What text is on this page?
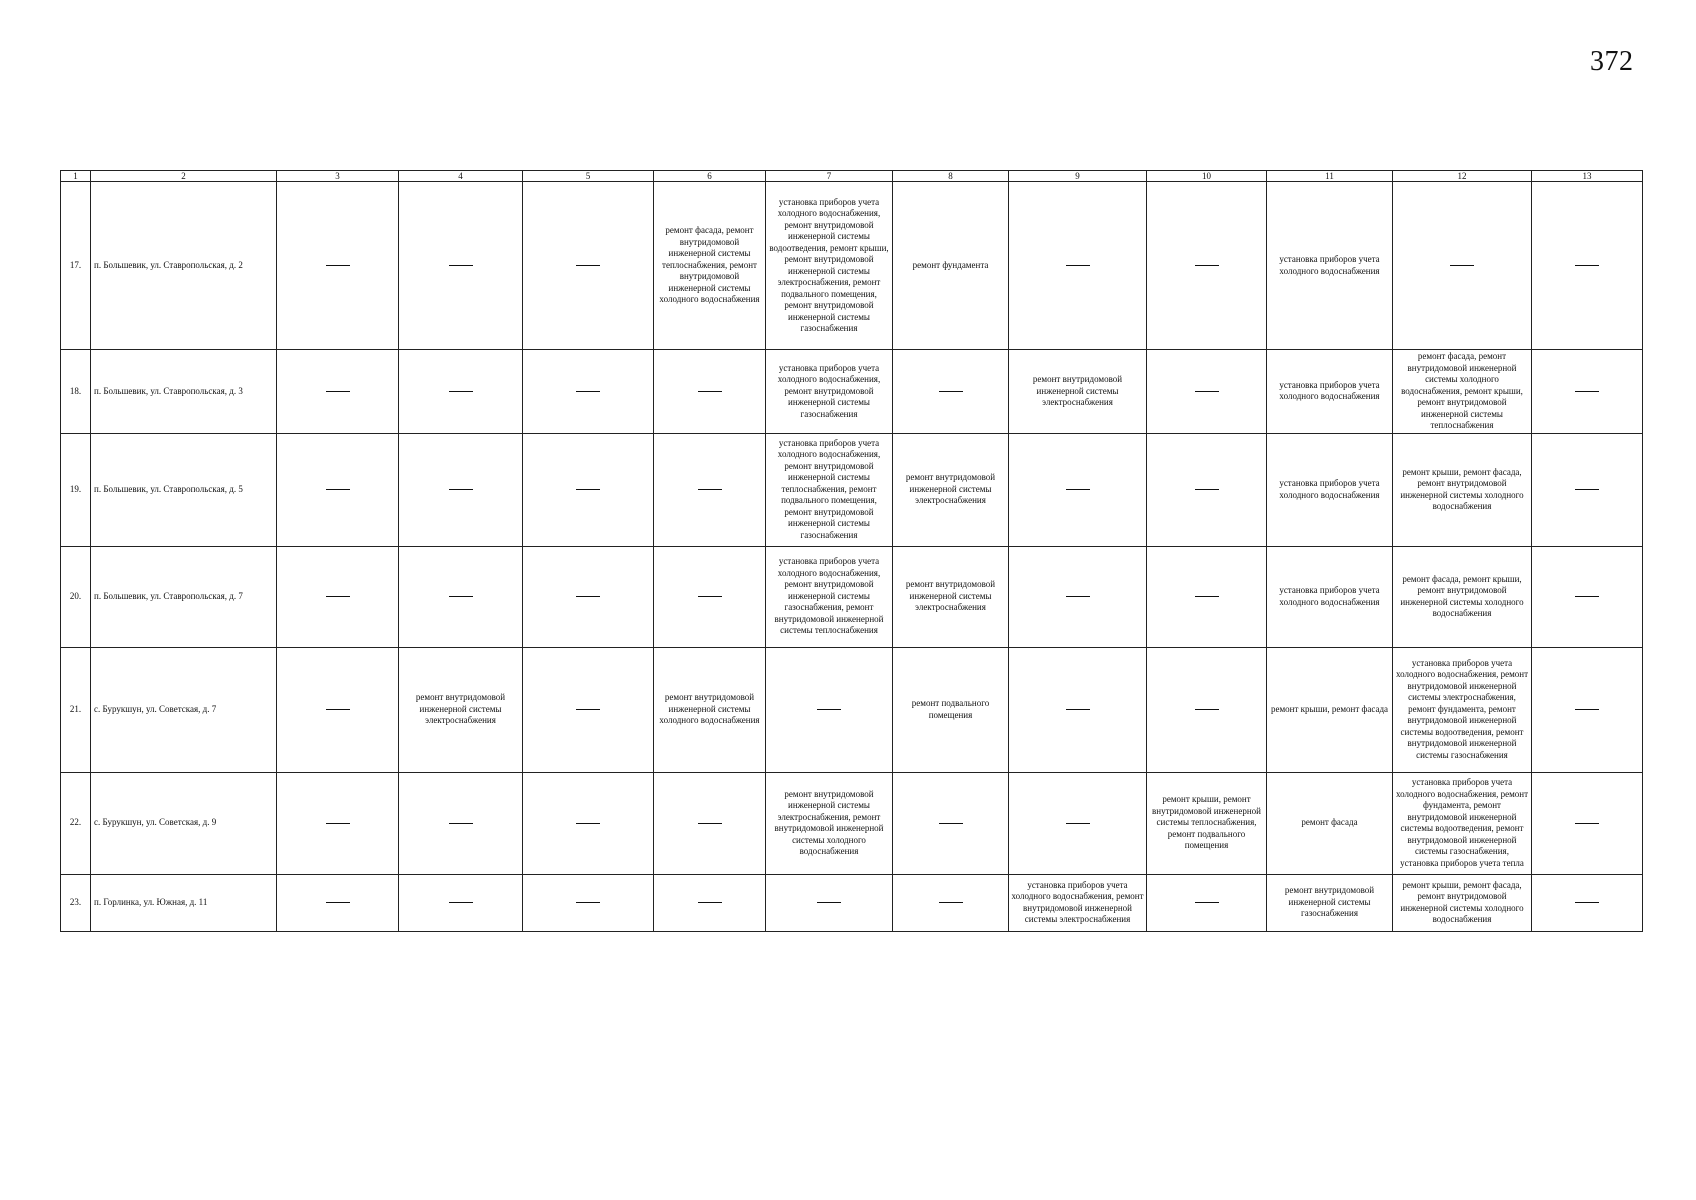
372
1	2	3	4	5	6	7	8	9	10	11	12	13
17.	п. Большевик, ул. Ставропольская, д. 2				ремонт фасада, ремонт внутридомовой инженерной системы теплоснабжения, ремонт внутридомовой инженерной системы холодного водоснабжения	установка приборов учета холодного водоснабжения, ремонт внутридомовой инженерной системы водоотведения, ремонт крыши, ремонт внутридомовой инженерной системы электроснабжения, ремонт подвального помещения, ремонт внутридомовой инженерной системы газоснабжения	ремонт фундамента			установка приборов учета холодного водоснабжения		
18.	п. Большевик, ул. Ставропольская, д. 3					установка приборов учета холодного водоснабжения, ремонт внутридомовой инженерной системы газоснабжения		ремонт внутридомовой инженерной системы электроснабжения		установка приборов учета холодного водоснабжения	ремонт фасада, ремонт внутридомовой инженерной системы холодного водоснабжения, ремонт крыши, ремонт внутридомовой инженерной системы теплоснабжения	
19.	п. Большевик, ул. Ставропольская, д. 5					установка приборов учета холодного водоснабжения, ремонт внутридомовой инженерной системы теплоснабжения, ремонт подвального помещения, ремонт внутридомовой инженерной системы газоснабжения	ремонт внутридомовой инженерной системы электроснабжения			установка приборов учета холодного водоснабжения	ремонт крыши, ремонт фасада, ремонт внутридомовой инженерной системы холодного водоснабжения	
20.	п. Большевик, ул. Ставропольская, д. 7					установка приборов учета холодного водоснабжения, ремонт внутридомовой инженерной системы газоснабжения, ремонт внутридомовой инженерной системы теплоснабжения	ремонт внутридомовой инженерной системы электроснабжения			установка приборов учета холодного водоснабжения	ремонт фасада, ремонт крыши, ремонт внутридомовой инженерной системы холодного водоснабжения	
21.	с. Бурукшун, ул. Советская, д. 7		ремонт внутридомовой инженерной системы электроснабжения		ремонт внутридомовой инженерной системы холодного водоснабжения		ремонт подвального помещения			ремонт крыши, ремонт фасада	установка приборов учета холодного водоснабжения, ремонт внутридомовой инженерной системы электроснабжения, ремонт фундамента, ремонт внутридомовой инженерной системы водоотведения, ремонт внутридомовой инженерной системы газоснабжения	
22.	с. Бурукшун, ул. Советская, д. 9					ремонт внутридомовой инженерной системы электроснабжения, ремонт внутридомовой инженерной системы холодного водоснабжения			ремонт крыши, ремонт внутридомовой инженерной системы теплоснабжения, ремонт подвального помещения	ремонт фасада	установка приборов учета холодного водоснабжения, ремонт фундамента, ремонт внутридомовой инженерной системы водоотведения, ремонт внутридомовой инженерной системы газоснабжения, установка приборов учета тепла	
23.	п. Горлинка, ул. Южная, д. 11							установка приборов учета холодного водоснабжения, ремонт внутридомовой инженерной системы электроснабжения		ремонт внутридомовой инженерной системы газоснабжения	ремонт крыши, ремонт фасада, ремонт внутридомовой инженерной системы холодного водоснабжения	
